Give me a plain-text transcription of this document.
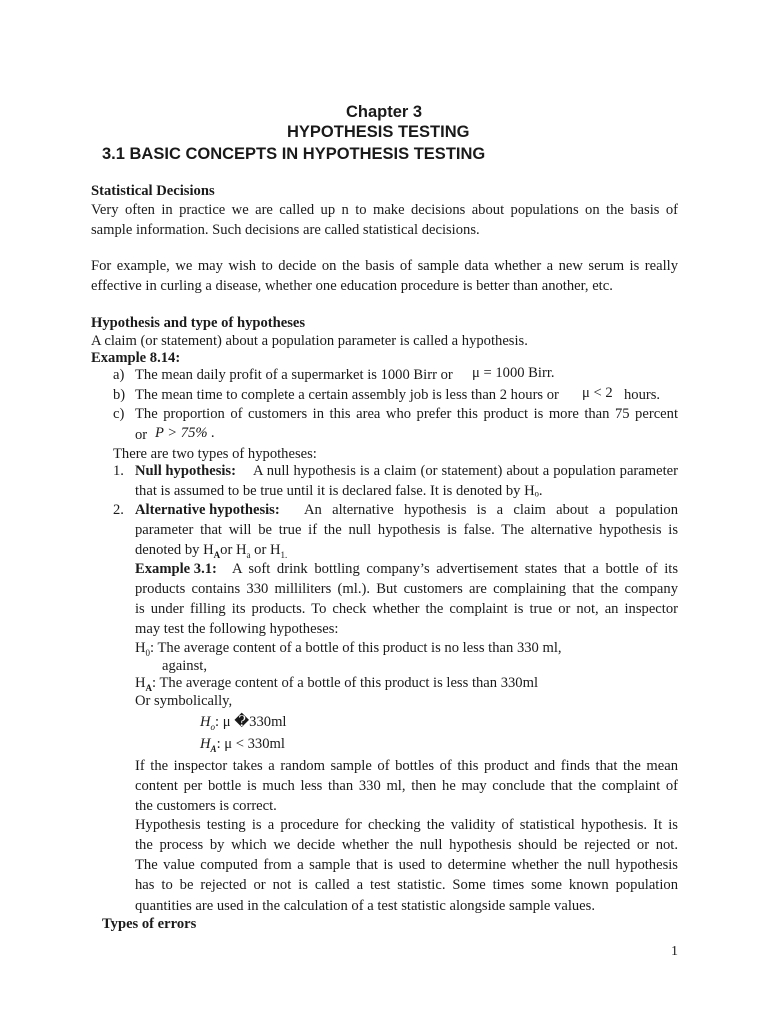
Chapter 3
HYPOTHESIS TESTING
3.1 BASIC CONCEPTS IN HYPOTHESIS TESTING
Statistical Decisions
Very often in practice we are called up n to make decisions about populations on the basis of
sample information. Such decisions are called statistical decisions.
For example, we may wish to decide on the basis of sample data whether a new serum is really
effective in curling a disease, whether one education procedure is better than another, etc.
Hypothesis and type of hypotheses
A claim (or statement) about a population parameter is called a hypothesis.
Example 8.14:
a) The mean daily profit of a supermarket is 1000 Birr or μ = 1000 Birr.
b) The mean time to complete a certain assembly job is less than 2 hours or μ < 2 hours.
c) The proportion of customers in this area who prefer this product is more than 75 percent
or P > 75% .
There are two types of hypotheses:
1. Null hypothesis: A null hypothesis is a claim (or statement) about a population parameter
that is assumed to be true until it is declared false. It is denoted by Hₒ.
2. Alternative hypothesis: An alternative hypothesis is a claim about a population
parameter that will be true if the null hypothesis is false. The alternative hypothesis is
denoted by $H_Aor$ $H_a$ or $H_{1.}$
Example 3.1: A soft drink bottling company’s advertisement states that a bottle of its
products contains 330 milliliters (ml.). But customers are complaining that the company
is under filling its products. To check whether the complaint is true or not, an inspector
may test the following hypotheses:
$H_0$: The average content of a bottle of this product is no less than 330 ml,
against,
$H_A$: The average content of a bottle of this product is less than 330ml
Or symbolically,
$H_o$: μ �330ml
$H_A$: μ < 330ml
If the inspector takes a random sample of bottles of this product and finds that the mean
content per bottle is much less than 330 ml, then he may conclude that the complaint of
the customers is correct.
Hypothesis testing is a procedure for checking the validity of statistical hypothesis. It is
the process by which we decide whether the null hypothesis should be rejected or not.
The value computed from a sample that is used to determine whether the null hypothesis
has to be rejected or not is called a test statistic. Some times some known population
quantities are used in the calculation of a test statistic alongside sample values.
Types of errors
1
